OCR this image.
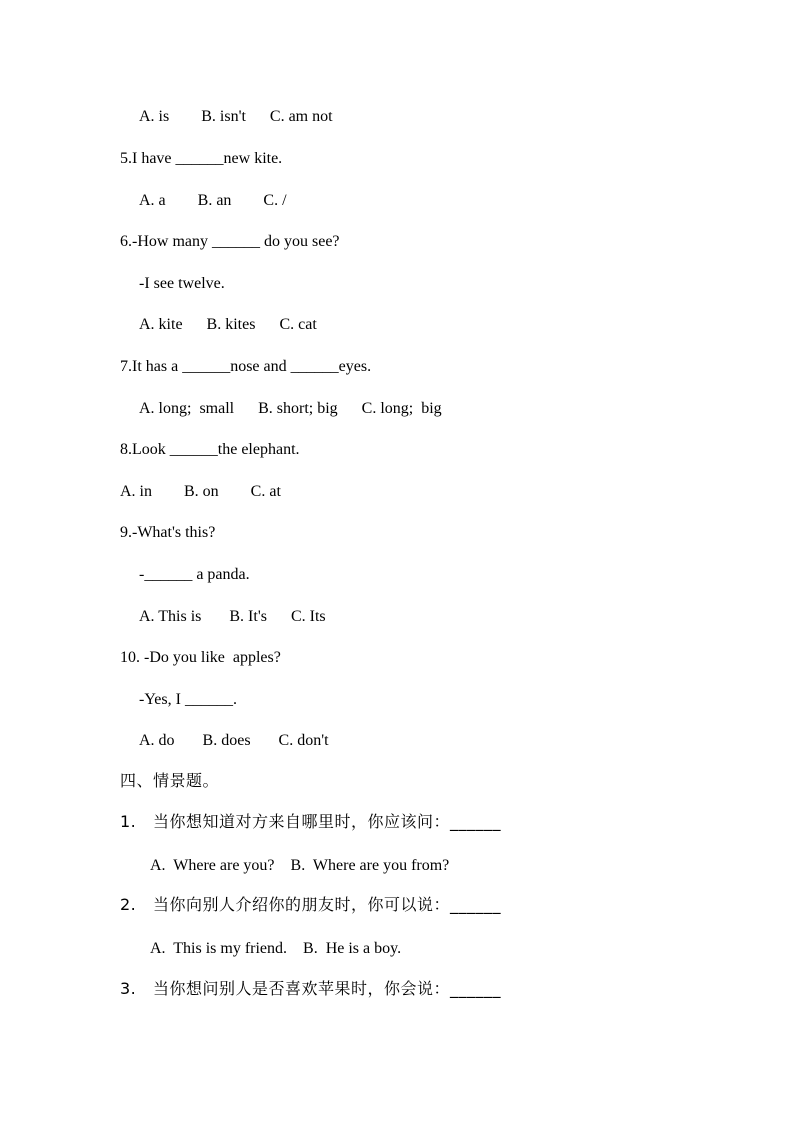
A. is        B. isn't      C. am not

5.I have ______new kite.

A. a        B. an        C. /

6.-How many ______ do you see?

-I see twelve.

A. kite      B. kites      C. cat

7.It has a ______nose and ______eyes.

A. long;  small      B. short; big      C. long;  big

8.Look ______the elephant.

A. in        B. on        C. at

9.-What's this?

-______ a panda.

A. This is       B. It's      C. Its

10. -Do you like  apples?

-Yes, I ______.

A. do       B. does       C. don't

四、情景题。

1.   当你想知道对方来自哪里时，你应该问：______

A.  Where are you?    B.  Where are you from?

2.   当你向别人介绍你的朋友时，你可以说：______

A.  This is my friend.    B.  He is a boy.

3.   当你想问别人是否喜欢苹果时，你会说：______
